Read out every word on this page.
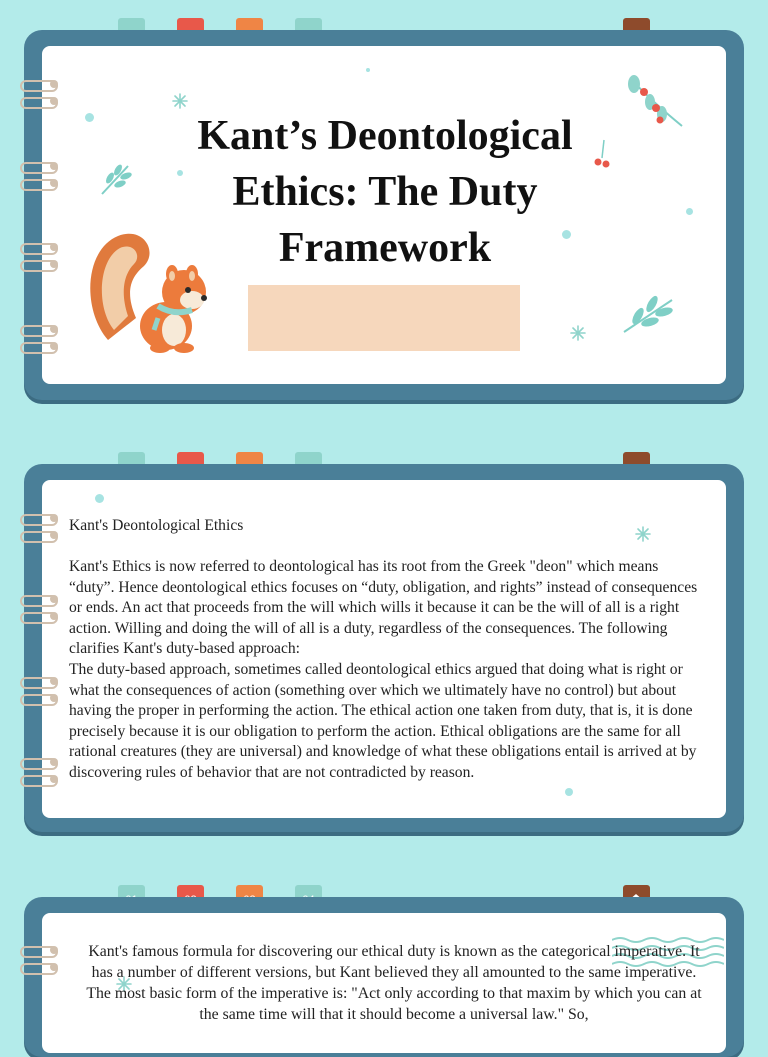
Kant’s Deontological Ethics: The Duty Framework

Kant's Deontological Ethics

Kant's Ethics is now referred to deontological has its root from the Greek "deon" which means “duty”. Hence deontological ethics focuses on “duty, obligation, and rights” instead of consequences or ends. An act that proceeds from the will which wills it because it can be the will of all is a right action. Willing and doing the will of all is a duty, regardless of the consequences. The following clarifies Kant's duty-based approach:
The duty-based approach, sometimes called deontological ethics argued that doing what is right or what the consequences of action (something over which we ultimately have no control) but about having the proper in performing the action. The ethical action one taken from duty, that is, it is done precisely because it is our obligation to perform the action. Ethical obligations are the same for all rational creatures (they are universal) and knowledge of what these obligations entail is arrived at by discovering rules of behavior that are not contradicted by reason.

Kant's famous formula for discovering our ethical duty is known as the categorical imperative. It has a number of different versions, but Kant believed they all amounted to the same imperative. The most basic form of the imperative is: "Act only according to that maxim by which you can at the same time will that it should become a universal law." So,
